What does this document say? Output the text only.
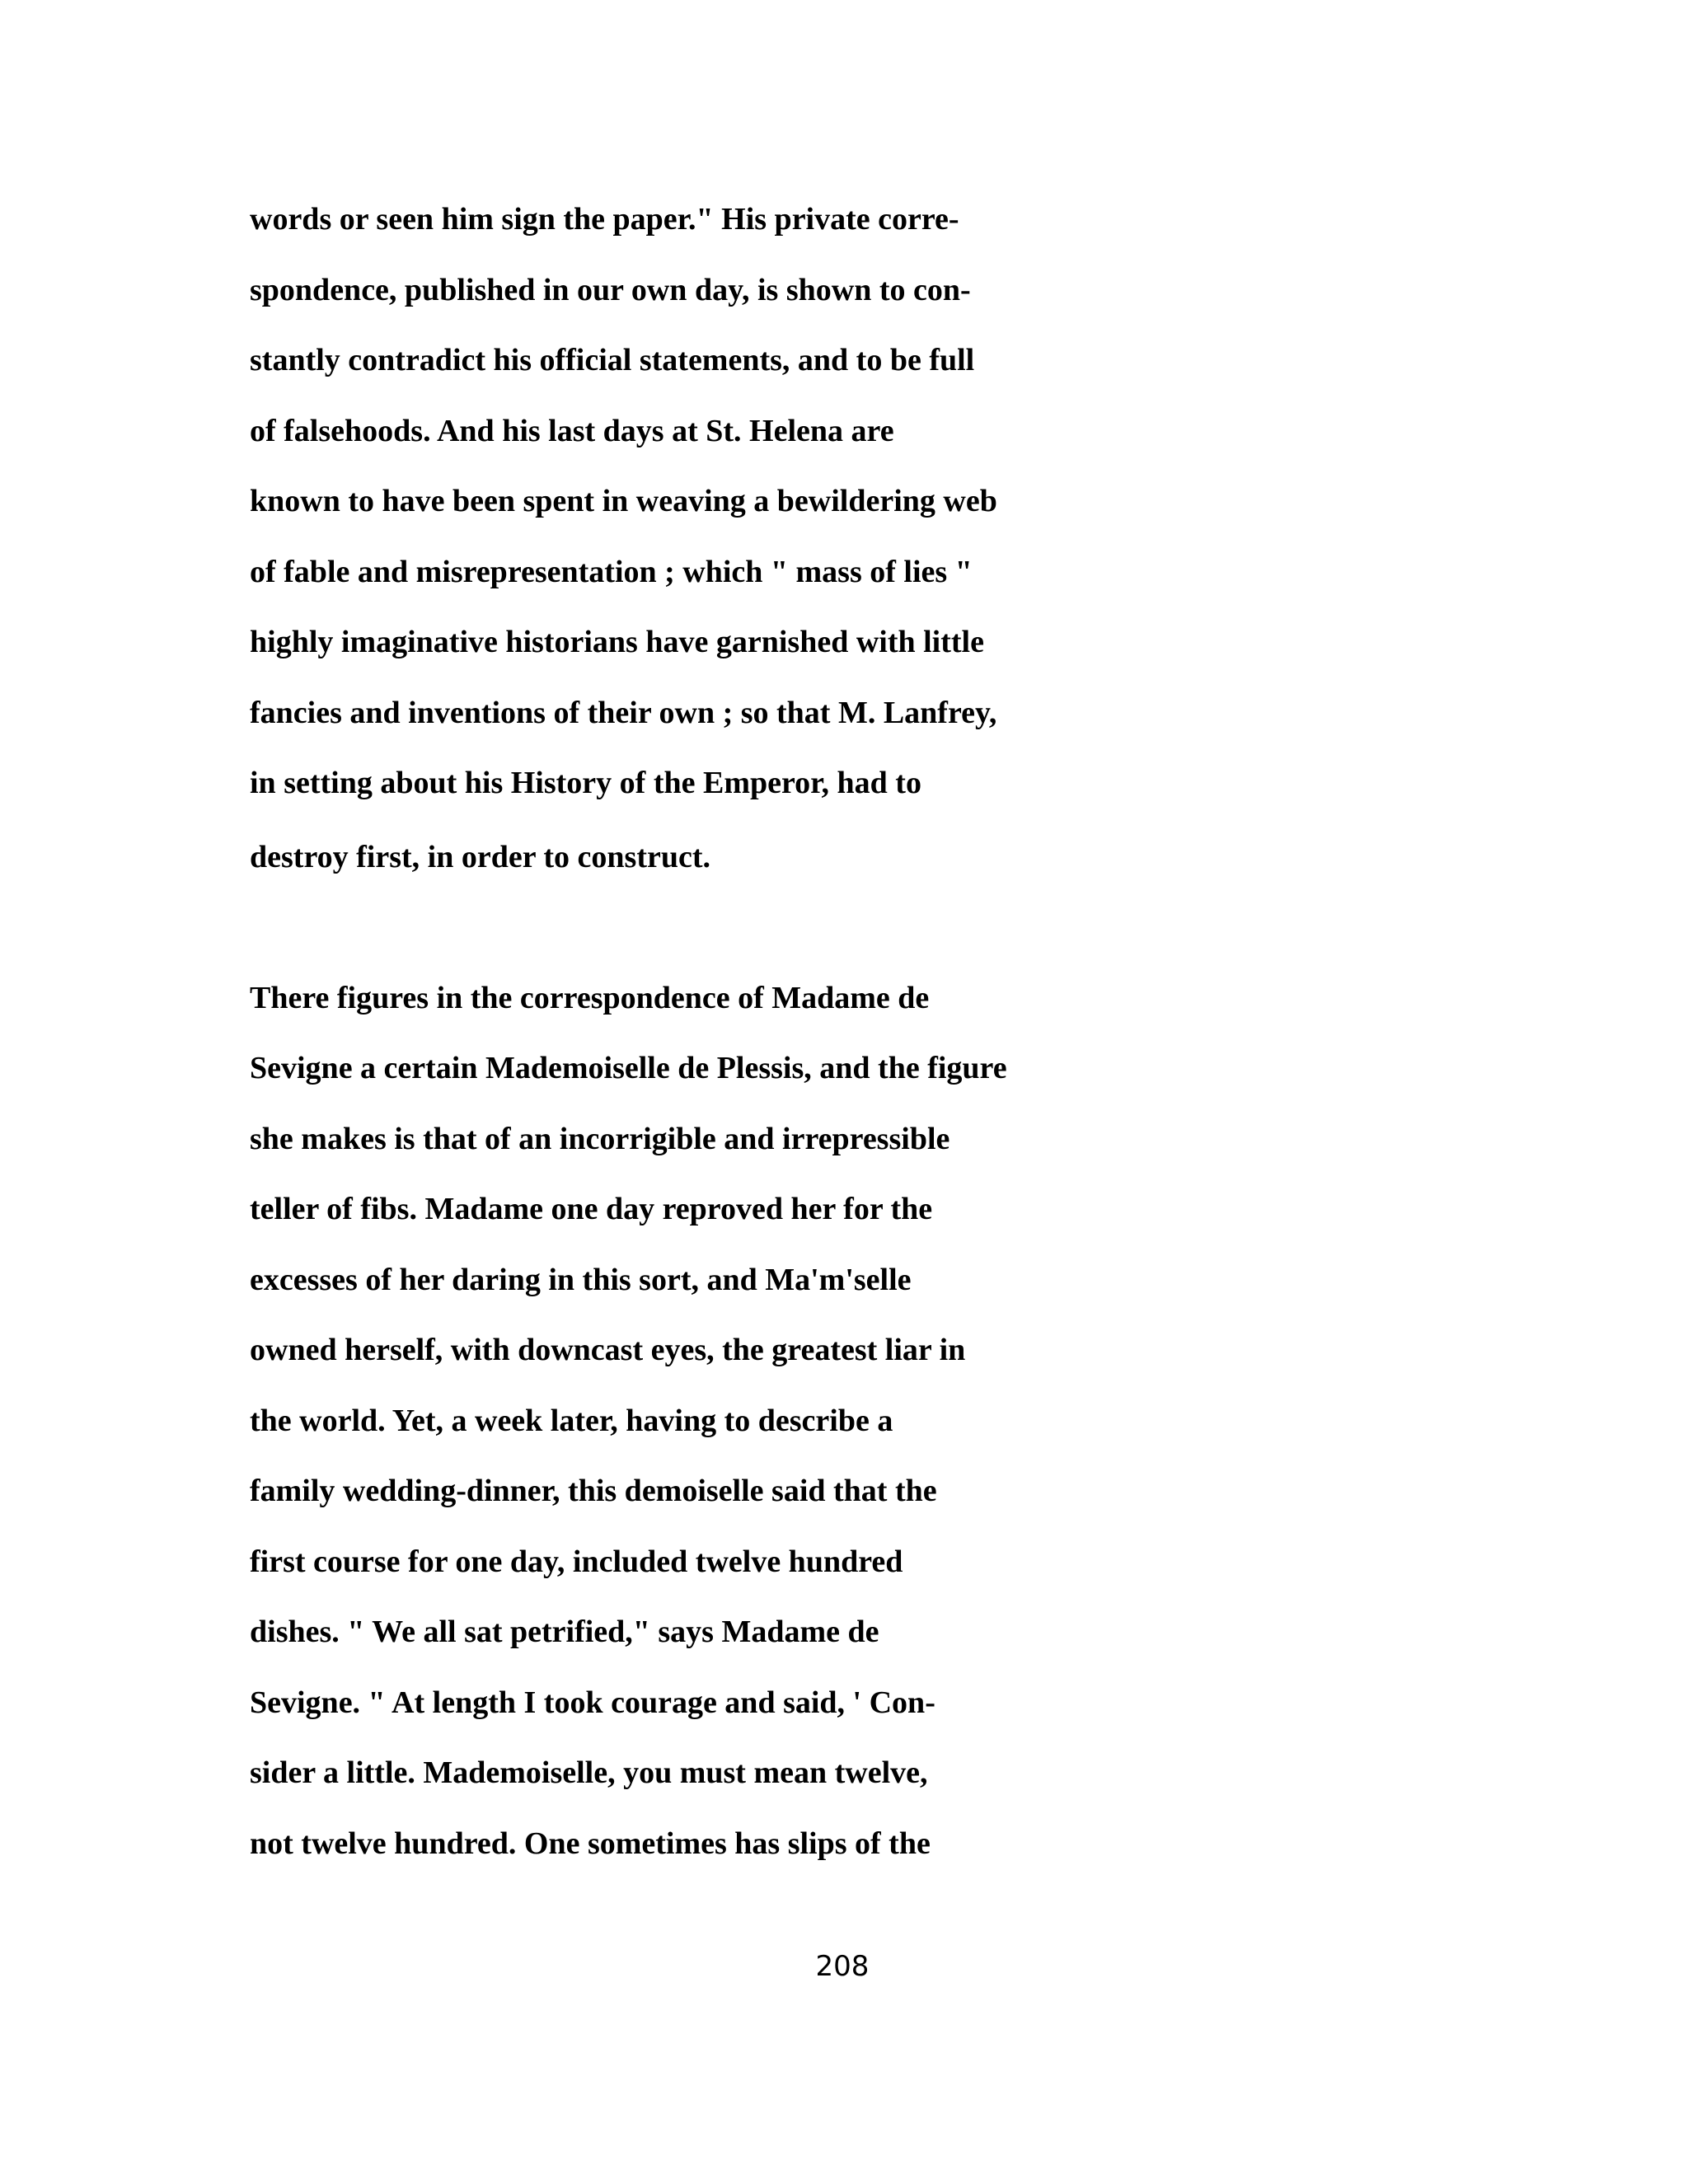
words or seen him sign the paper." His private corre-
spondence, published in our own day, is shown to con-
stantly contradict his official statements, and to be full
of falsehoods. And his last days at St. Helena are
known to have been spent in weaving a bewildering web
of fable and misrepresentation ; which " mass of lies "
highly imaginative historians have garnished with little
fancies and inventions of their own ; so that M. Lanfrey,
in setting about his History of the Emperor, had to
destroy first, in order to construct.
There figures in the correspondence of Madame de
Sevigne a certain Mademoiselle de Plessis, and the figure
she makes is that of an incorrigible and irrepressible
teller of fibs. Madame one day reproved her for the
excesses of her daring in this sort, and Ma'm'selle
owned herself, with downcast eyes, the greatest liar in
the world. Yet, a week later, having to describe a
family wedding-dinner, this demoiselle said that the
first course for one day, included twelve hundred
dishes. " We all sat petrified," says Madame de
Sevigne. " At length I took courage and said, ' Con-
sider a little. Mademoiselle, you must mean twelve,
not twelve hundred. One sometimes has slips of the
208
